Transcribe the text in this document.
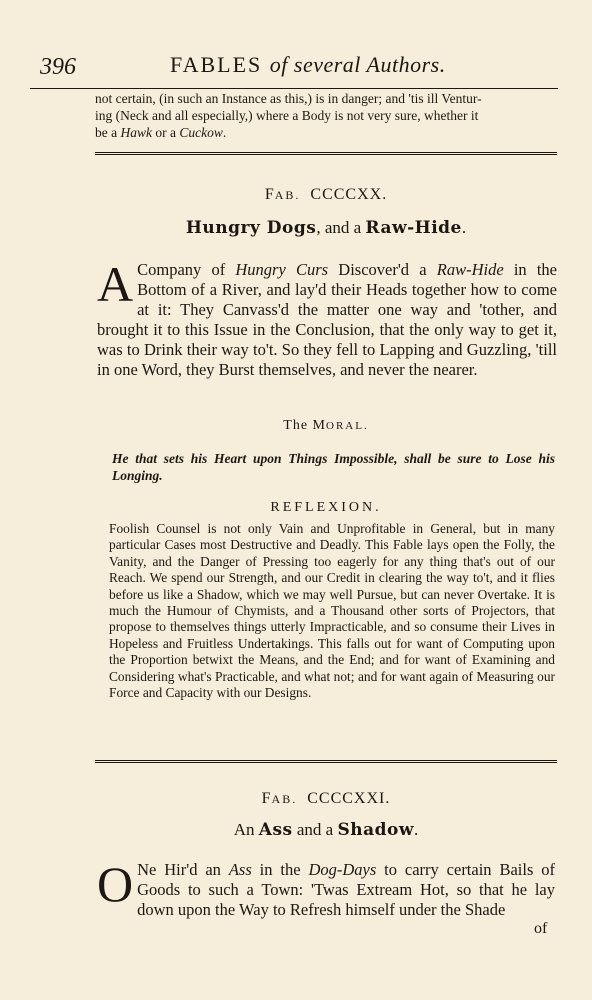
396	FABLES of several Authors.
not certain, (in such an Instance as this,) is in danger; and 'tis ill Ventur-
ing (Neck and all especially,) where a Body is not very sure, whether it
be a Hawk or a Cuckow.
FAB. CCCCXX.
Hungry Dogs, and a Raw-Hide.
A Company of Hungry Curs Discover'd a Raw-Hide in the Bottom of a River, and lay'd their Heads together how to come at it: They Canvass'd the matter one way and 'tother, and brought it to this Issue in the Conclusion, that the only way to get it, was to Drink their way to't. So they fell to Lapping and Guzzling, 'till in one Word, they Burst themselves, and never the nearer.
The MORAL.
He that sets his Heart upon Things Impossible, shall be sure to Lose his Longing.
REFLEXION.
Foolish Counsel is not only Vain and Unprofitable in General, but in many particular Cases most Destructive and Deadly. This Fable lays open the Folly, the Vanity, and the Danger of Pressing too eagerly for any thing that's out of our Reach. We spend our Strength, and our Credit in clearing the way to't, and it flies before us like a Shadow, which we may well Pursue, but can never Overtake. It is much the Humour of Chymists, and a Thousand other sorts of Projectors, that propose to themselves things utterly Impracticable, and so consume their Lives in Hopeless and Fruitless Undertakings. This falls out for want of Computing upon the Proportion betwixt the Means, and the End; and for want of Examining and Considering what's Practicable, and what not; and for want again of Measuring our Force and Capacity with our Designs.
FAB. CCCCXXI.
An Ass and a Shadow.
O Ne Hir'd an Ass in the Dog-Days to carry certain Bails of Goods to such a Town: 'Twas Extream Hot, so that he lay down upon the Way to Refresh himself under the Shade
of
